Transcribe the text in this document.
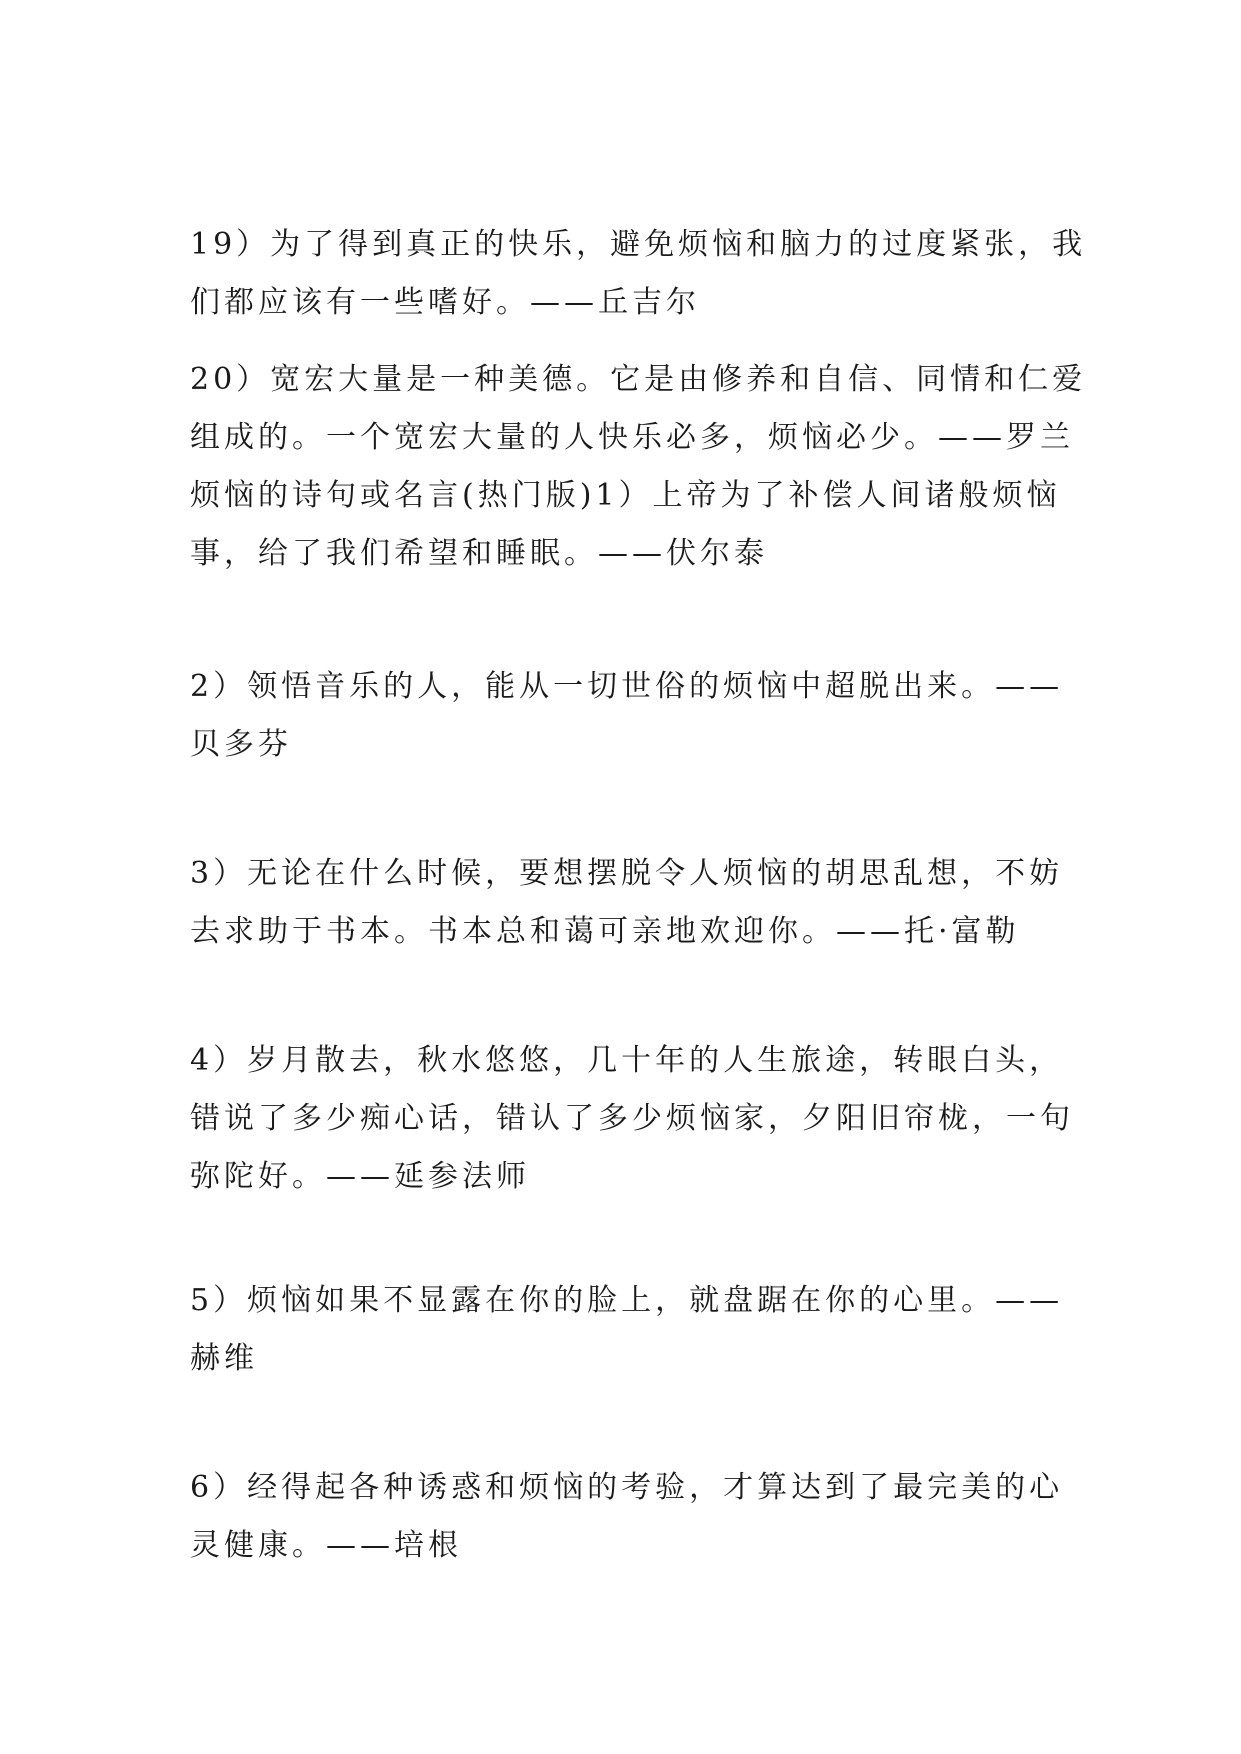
19）为了得到真正的快乐，避免烦恼和脑力的过度紧张，我
们都应该有一些嗜好。——丘吉尔
20）宽宏大量是一种美德。它是由修养和自信、同情和仁爱
组成的。一个宽宏大量的人快乐必多，烦恼必少。——罗兰
烦恼的诗句或名言(热门版)1）上帝为了补偿人间诸般烦恼
事，给了我们希望和睡眠。——伏尔泰
2）领悟音乐的人，能从一切世俗的烦恼中超脱出来。——
贝多芬
3）无论在什么时候，要想摆脱令人烦恼的胡思乱想，不妨
去求助于书本。书本总和蔼可亲地欢迎你。——托·富勒
4）岁月散去，秋水悠悠，几十年的人生旅途，转眼白头，
错说了多少痴心话，错认了多少烦恼家，夕阳旧帘栊，一句
弥陀好。——延参法师
5）烦恼如果不显露在你的脸上，就盘踞在你的心里。——
赫维
6）经得起各种诱惑和烦恼的考验，才算达到了最完美的心
灵健康。——培根
